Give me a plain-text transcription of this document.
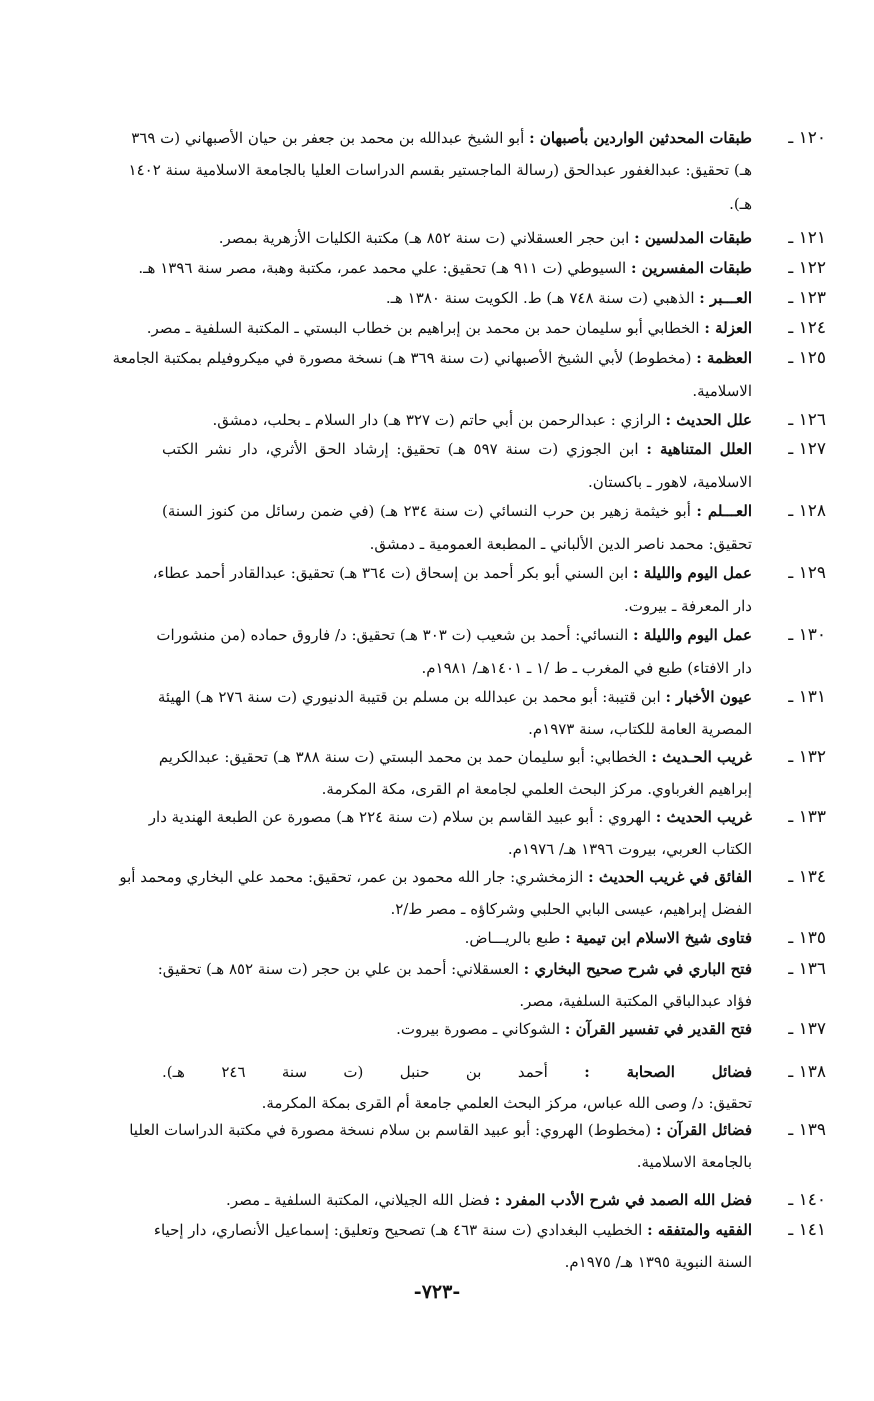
١٢٠ ـ
طبقات المحدثين الواردين بأصبهان : أبو الشيخ عبدالله بن محمد بن جعفر بن حيان الأصبهاني (ت ٣٦٩
هـ) تحقيق: عبدالغفور عبدالحق (رسالة الماجستير بقسم الدراسات العليا بالجامعة الاسلامية سنة ١٤٠٢
هـ).
١٢١ ـ
طبقات المدلسين : ابن حجر العسقلاني (ت سنة ٨٥٢ هـ) مكتبة الكليات الأزهرية بمصر.
١٢٢ ـ
طبقات المفسرين : السيوطي (ت ٩١١ هـ) تحقيق: علي محمد عمر، مكتبة وهبة، مصر سنة ١٣٩٦ هـ.
١٢٣ ـ
العـــبر : الذهبي (ت سنة ٧٤٨ هـ) ط. الكويت سنة ١٣٨٠ هـ.
١٢٤ ـ
العزلة : الخطابي أبو سليمان حمد بن محمد بن إبراهيم بن خطاب البستي ـ المكتبة السلفية ـ مصر.
١٢٥ ـ
العظمة : (مخطوط) لأبي الشيخ الأصبهاني (ت سنة ٣٦٩ هـ) نسخة مصورة في ميكروفيلم بمكتبة الجامعة
الاسلامية.
١٢٦ ـ
علل الحديث : الرازي : عبدالرحمن بن أبي حاتم (ت ٣٢٧ هـ) دار السلام ـ بحلب، دمشق.
١٢٧ ـ
العلل المتناهية : ابن الجوزي (ت سنة ٥٩٧ هـ) تحقيق: إرشاد الحق الأثري، دار نشر الكتب
الاسلامية، لاهور ـ باكستان.
١٢٨ ـ
العـــلم : أبو خيثمة زهير بن حرب النسائي (ت سنة ٢٣٤ هـ) (في ضمن رسائل من كنوز السنة)
تحقيق: محمد ناصر الدين الألباني ـ المطبعة العمومية ـ دمشق.
١٢٩ ـ
عمل اليوم والليلة : ابن السني أبو بكر أحمد بن إسحاق (ت ٣٦٤ هـ) تحقيق: عبدالقادر أحمد عطاء،
دار المعرفة ـ بيروت.
١٣٠ ـ
عمل اليوم والليلة : النسائي: أحمد بن شعيب (ت ٣٠٣ هـ) تحقيق: د/ فاروق حماده (من منشورات
دار الافتاء) طبع في المغرب ـ ط /١ ـ ١٤٠١هـ/ ١٩٨١م.
١٣١ ـ
عيون الأخبار : ابن قتيبة: أبو محمد بن عبدالله بن مسلم بن قتيبة الدنيوري (ت سنة ٢٧٦ هـ) الهيئة
المصرية العامة للكتاب، سنة ١٩٧٣م.
١٣٢ ـ
غريب الحـديث : الخطابي: أبو سليمان حمد بن محمد البستي (ت سنة ٣٨٨ هـ) تحقيق: عبدالكريم
إبراهيم الغرباوي. مركز البحث العلمي لجامعة ام القرى، مكة المكرمة.
١٣٣ ـ
غريب الحديث : الهروي : أبو عبيد القاسم بن سلام (ت سنة ٢٢٤ هـ) مصورة عن الطبعة الهندية دار
الكتاب العربي، بيروت ١٣٩٦ هـ/ ١٩٧٦م.
١٣٤ ـ
الفائق في غريب الحديث : الزمخشري: جار الله محمود بن عمر، تحقيق: محمد علي البخاري ومحمد أبو
الفضل إبراهيم، عيسى البابي الحلبي وشركاؤه ـ مصر ط/٢.
١٣٥ ـ
فتاوى شيخ الاسلام ابن تيمية : طبع بالريـــاض.
١٣٦ ـ
فتح الباري في شرح صحيح البخاري : العسقلاني: أحمد بن علي بن حجر (ت سنة ٨٥٢ هـ) تحقيق:
فؤاد عبدالباقي المكتبة السلفية، مصر.
١٣٧ ـ
فتح القدير في تفسير القرآن : الشوكاني ـ مصورة بيروت.
١٣٨ ـ
فضائل الصحابة : أحمد بن حنبل (ت سنة ٢٤٦ هـ).
تحقيق: د/ وصى الله عباس، مركز البحث العلمي جامعة أم القرى بمكة المكرمة.
١٣٩ ـ
فضائل القرآن : (مخطوط) الهروي: أبو عبيد القاسم بن سلام نسخة مصورة في مكتبة الدراسات العليا
بالجامعة الاسلامية.
١٤٠ ـ
فضل الله الصمد في شرح الأدب المفرد : فضل الله الجيلاني، المكتبة السلفية ـ مصر.
١٤١ ـ
الفقيه والمتفقه : الخطيب البغدادي (ت سنة ٤٦٣ هـ) تصحيح وتعليق: إسماعيل الأنصاري، دار إحياء
السنة النبوية ١٣٩٥ هـ/ ١٩٧٥م.
-٧٢٣-
